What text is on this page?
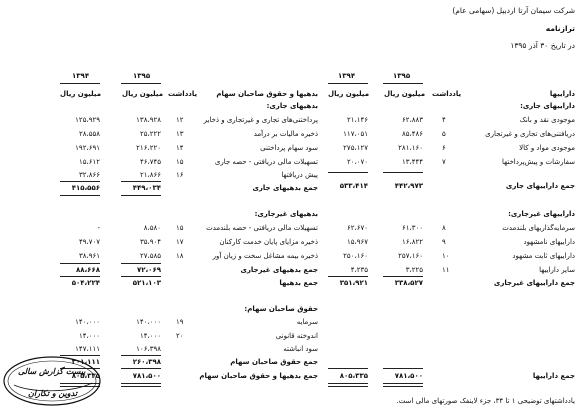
شرکت سیمان آرتا اردبیل (سهامی عام)
ترازنامه
در تاریخ ۳۰ آذر ۱۳۹۵
داراییها
یادداشت
۱۳۹۵
۱۳۹۴
میلیون ریال
میلیون ریال
داراییهای جاری:
موجودی نقد و بانک
۴
۶۲،۸۸۳
۲۱،۱۴۶
دریافتنی‌های تجاری و غیرتجاری
۵
۸۵،۴۸۶
۱۱۷،۰۵۱
موجودی مواد و کالا
۶
۲۸۱،۱۶۰
۲۷۵،۱۲۷
سفارشات و پیش‌پرداختها
۷
۱۳،۴۴۴
۲۰،۰۷۰
جمع داراییهای جاری
۴۴۲،۹۷۳
۵۳۳،۴۱۴
داراییهای غیرجاری:
سرمایه‌گذاریهای بلندمدت
۸
۶۱،۳۰۰
۶۲،۶۷۰
داراییهای نامشهود
۹
۱۶،۸۲۲
۱۵،۹۶۷
داراییهای ثابت مشهود
۱۰
۲۵۷،۱۶۰
۲۵۰،۱۶۰
سایر داراییها
۱۱
۳،۲۲۵
۴،۲۳۵
جمع داراییهای غیرجاری
۳۳۸،۵۲۷
۳۵۱،۹۲۱
جمع داراییها
۷۸۱،۵۰۰
۸۰۵،۳۳۵
۱۳۹۵
۱۳۹۴
میلیون ریال
میلیون ریال	یادداشت	بدهیها و حقوق صاحبان سهام
بدهیهای جاری:
پرداختنی‌های تجاری و غیرتجاری و ذخایر
۱۲
۱۳۸،۹۲۸
۱۲۵،۹۲۹
ذخیره مالیات بر درآمد
۱۳
۲۵،۲۲۲
۲۸،۵۵۸
سود سهام پرداختنی
۱۴
۲۱۶،۲۲۰
۱۹۲،۶۹۱
تسهیلات مالی دریافتی - حصه جاری
۱۵
۴۶،۷۴۵
۱۵،۶۱۲
پیش دریافتها
۱۶
۲۱،۸۶۶
۳۲،۸۶۶
جمع بدهیهای جاری
۴۴۹،۰۳۴
۴۱۵،۵۵۶
بدهیهای غیرجاری:
تسهیلات مالی دریافتی - حصه بلندمدت
۱۵
۸،۵۸۰
-
ذخیره مزایای پایان خدمت کارکنان
۱۷
۳۵،۹۰۴
۴۹،۷۰۷
ذخیره بیمه مشاغل سخت و زیان آور
۱۸
۲۷،۵۸۵
۳۸،۹۶۱
جمع بدهیهای غیرجاری
۷۲،۰۶۹
۸۸،۶۶۸
جمع بدهیها
۵۲۱،۱۰۳
۵۰۴،۲۲۴
حقوق صاحبان سهام:
سرمایه
۱۹
۱۴۰،۰۰۰
۱۴۰،۰۰۰
اندوخته قانونی
۲۰
۱۴،۰۰۰
۱۴،۰۰۰
سود انباشته
۱۰۶،۳۹۸
۱۴۷،۱۱۱
جمع حقوق صاحبان سهام
۲۶۰،۳۹۸
۳۰۱،۱۱۱
جمع بدهیها و حقوق صاحبان سهام
۷۸۱،۵۰۰
۸۰۵،۳۳۵
یادداشتهای توضیحی ۱ تا ۳۴، جزء لاینفک صورتهای مالی است.
پیست گزارش سالی
تدوین و تکاران
